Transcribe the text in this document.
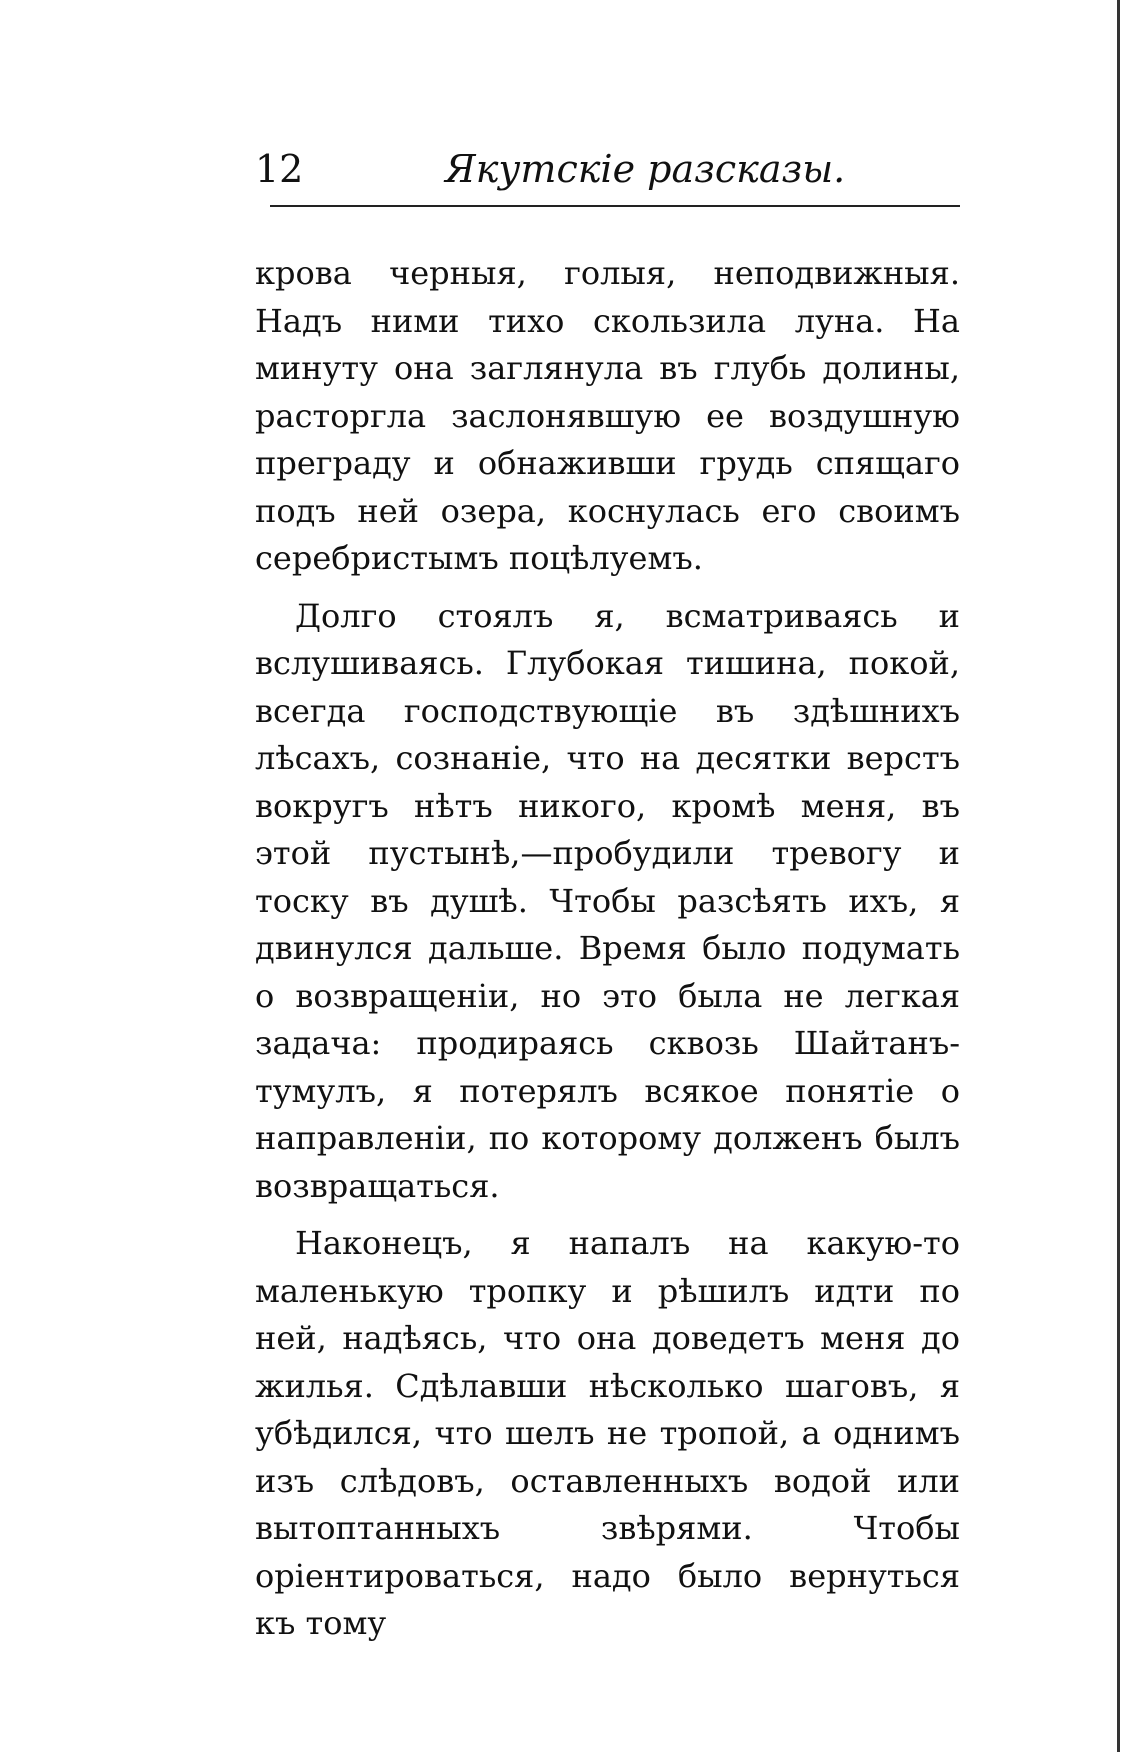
12	Якутскіе разсказы.

крова черныя, голыя, неподвижныя. Надъ ними тихо скользила луна. На минуту она заглянула въ глубь долины, расторгла заслонявшую ее воздушную преграду и обнаживши грудь спящаго подъ ней озера, коснулась его своимъ серебристымъ поцѣлуемъ.

Долго стоялъ я, всматриваясь и вслушиваясь. Глубокая тишина, покой, всегда господствующіе въ здѣшнихъ лѣсахъ, сознаніе, что на десятки верстъ вокругъ нѣтъ никого, кромѣ меня, въ этой пустынѣ,—пробудили тревогу и тоску въ душѣ. Чтобы разсѣять ихъ, я двинулся дальше. Время было подумать о возвращеніи, но это была не легкая задача: продираясь сквозь Шайтанъ-тумулъ, я потерялъ всякое понятіе о направленіи, по которому долженъ былъ возвращаться.

Наконецъ, я напалъ на какую-то маленькую тропку и рѣшилъ идти по ней, надѣясь, что она доведетъ меня до жилья. Сдѣлавши нѣсколько шаговъ, я убѣдился, что шелъ не тропой, а однимъ изъ слѣдовъ, оставленныхъ водой или вытоптанныхъ звѣрями. Чтобы оріентироваться, надо было вернуться къ тому
